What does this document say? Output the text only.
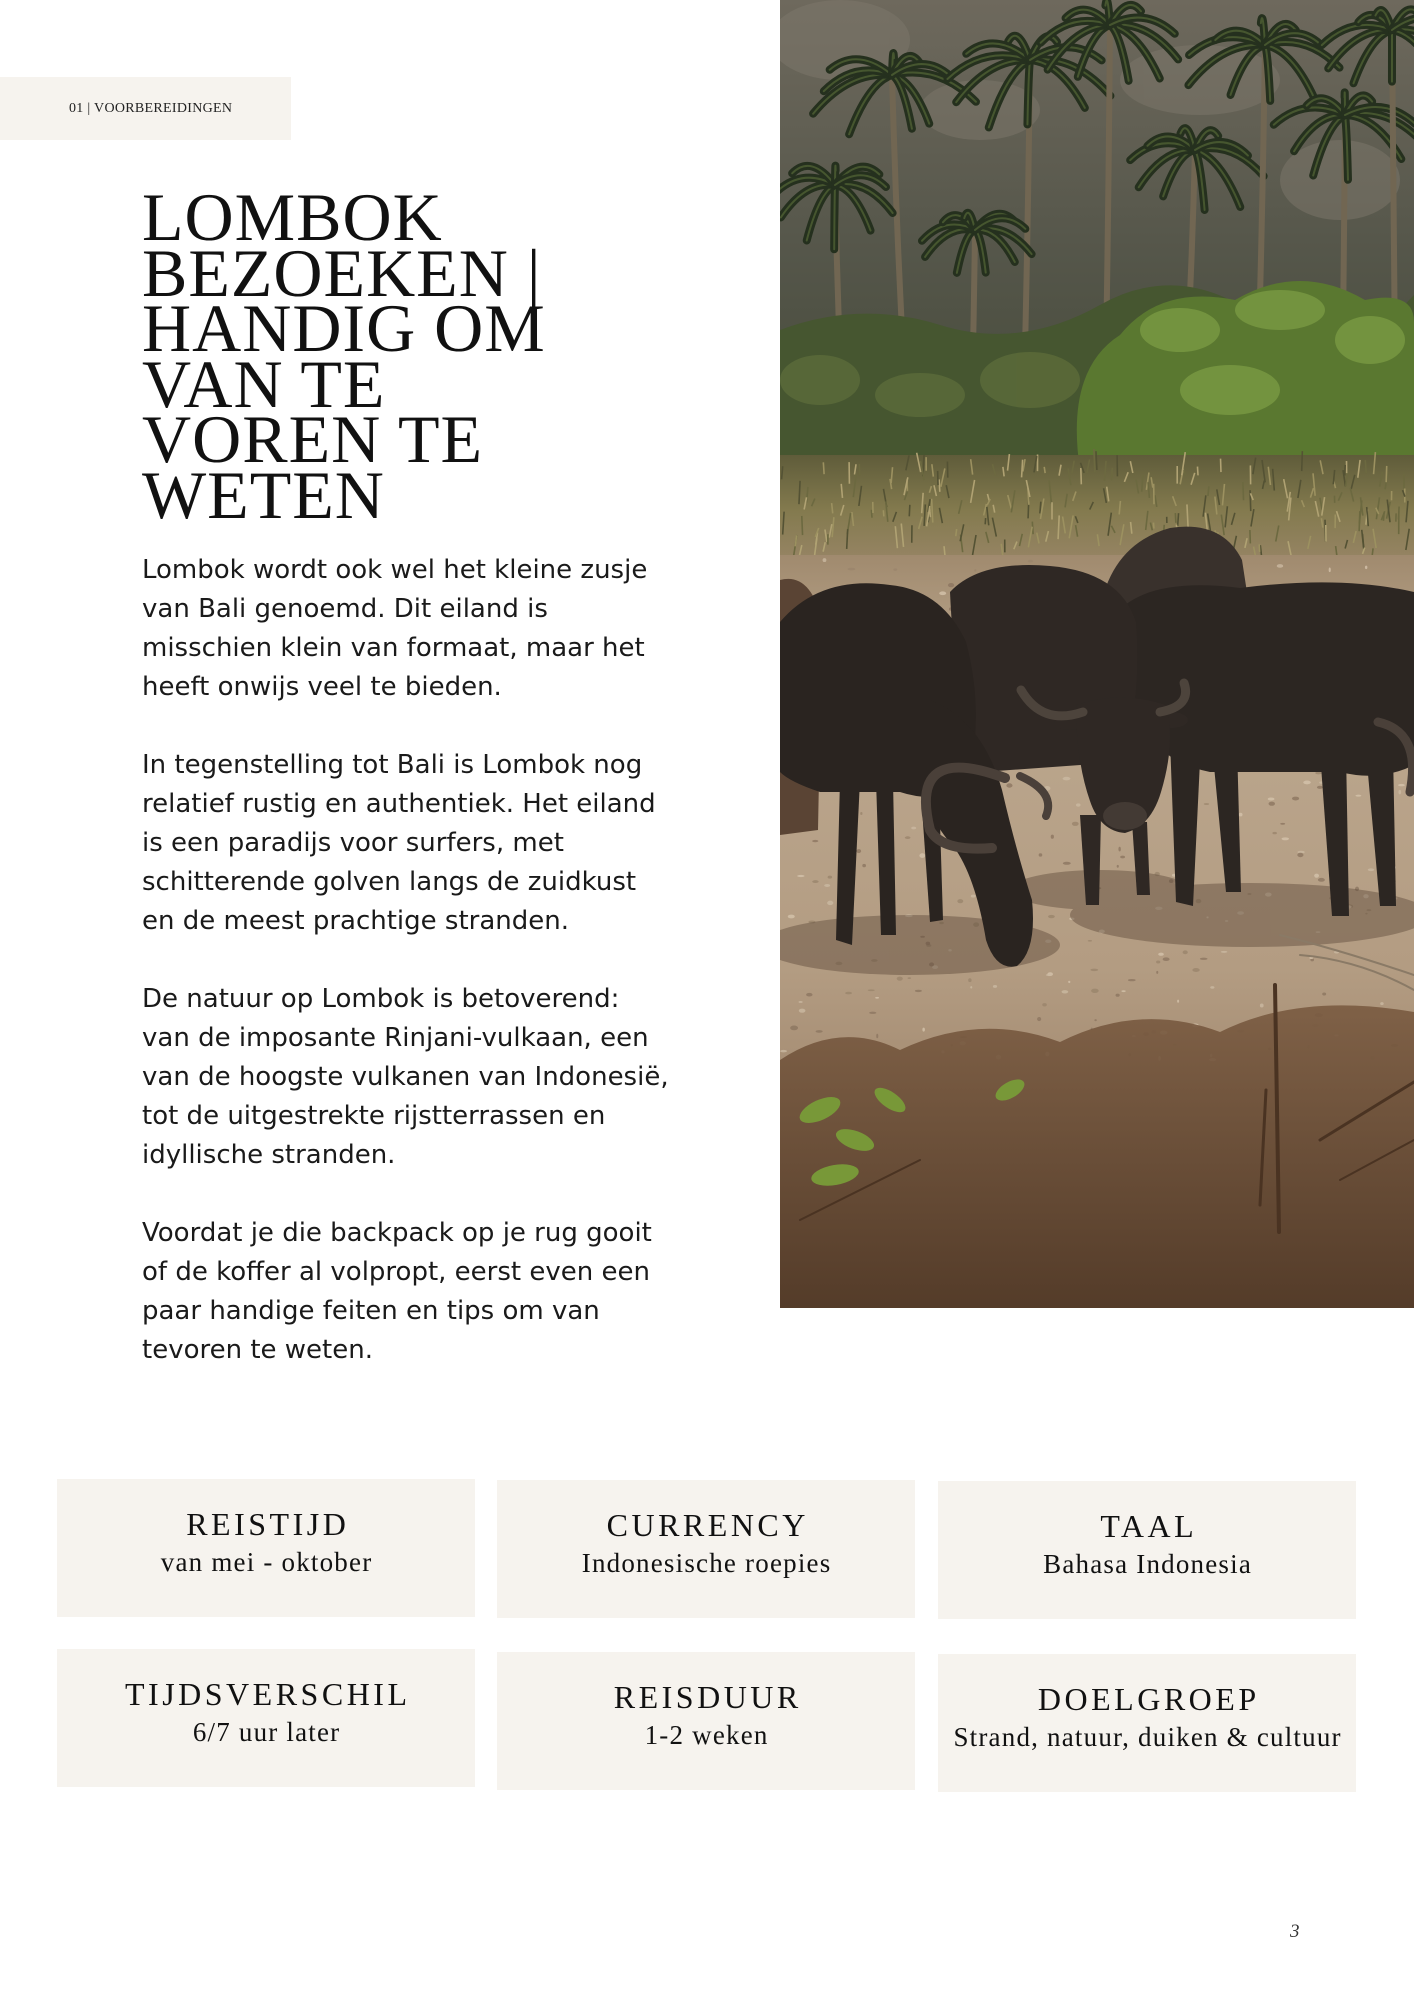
01 | VOORBEREIDINGEN
LOMBOK
BEZOEKEN |
HANDIG OM
VAN TE
VOREN TE
WETEN

Lombok wordt ook wel het kleine zusje
van Bali genoemd. Dit eiland is
misschien klein van formaat, maar het
heeft onwijs veel te bieden.

In tegenstelling tot Bali is Lombok nog
relatief rustig en authentiek. Het eiland
is een paradijs voor surfers, met
schitterende golven langs de zuidkust
en de meest prachtige stranden.

De natuur op Lombok is betoverend:
van de imposante Rinjani-vulkaan, een
van de hoogste vulkanen van Indonesië,
tot de uitgestrekte rijstterrassen en
idyllische stranden.

Voordat je die backpack op je rug gooit
of de koffer al volpropt, eerst even een
paar handige feiten en tips om van
tevoren te weten.

REISTIJD
van mei - oktober
CURRENCY
Indonesische roepies
TAAL
Bahasa Indonesia
TIJDSVERSCHIL
6/7 uur later
REISDUUR
1-2 weken
DOELGROEP
Strand, natuur, duiken & cultuur
3
